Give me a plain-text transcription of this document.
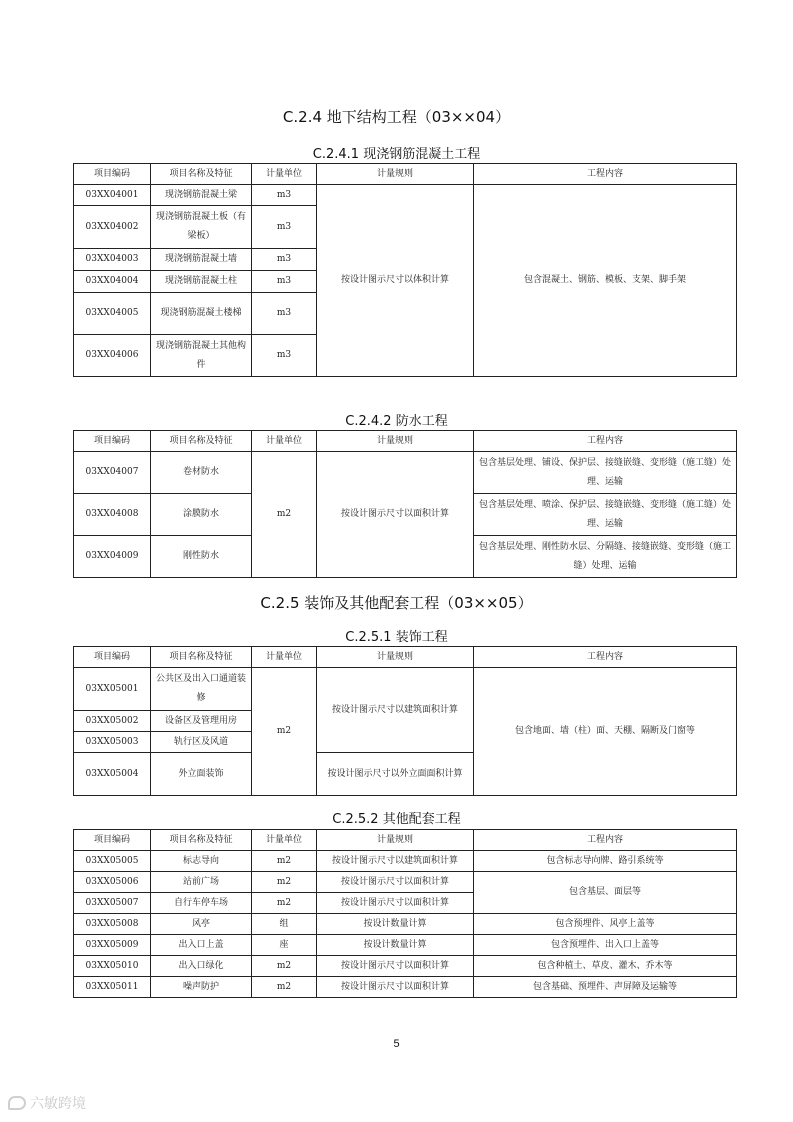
C.2.4 地下结构工程（03××04）
C.2.4.1 现浇钢筋混凝土工程
项目编码	项目名称及特征	计量单位	计量规则	工程内容
03XX04001	现浇钢筋混凝土梁	m3	按设计图示尺寸以体积计算	包含混凝土、钢筋、模板、支架、脚手架
03XX04002	现浇钢筋混凝土板（有梁板）	m3		
03XX04003	现浇钢筋混凝土墙	m3		
03XX04004	现浇钢筋混凝土柱	m3		
03XX04005	现浇钢筋混凝土楼梯	m3		
03XX04006	现浇钢筋混凝土其他构件	m3		
C.2.4.2 防水工程
项目编码	项目名称及特征	计量单位	计量规则	工程内容
03XX04007	卷材防水	m2	按设计图示尺寸以面积计算	包含基层处理、铺设、保护层、接缝嵌缝、变形缝（施工缝）处理、运输
03XX04008	涂膜防水			包含基层处理、喷涂、保护层、接缝嵌缝、变形缝（施工缝）处理、运输
03XX04009	刚性防水			包含基层处理、刚性防水层、分隔缝、接缝嵌缝、变形缝（施工缝）处理、运输
C.2.5 装饰及其他配套工程（03××05）
C.2.5.1 装饰工程
项目编码	项目名称及特征	计量单位	计量规则	工程内容
03XX05001	公共区及出入口通道装修	m2	按设计图示尺寸以建筑面积计算	包含地面、墙（柱）面、天棚、隔断及门窗等
03XX05002	设备区及管理用房			
03XX05003	轨行区及风道			
03XX05004	外立面装饰		按设计图示尺寸以外立面面积计算	
C.2.5.2 其他配套工程
项目编码	项目名称及特征	计量单位	计量规则	工程内容
03XX05005	标志导向	m2	按设计图示尺寸以建筑面积计算	包含标志导向牌、路引系统等
03XX05006	站前广场	m2	按设计图示尺寸以面积计算	包含基层、面层等
03XX05007	自行车停车场	m2	按设计图示尺寸以面积计算	
03XX05008	风亭	组	按设计数量计算	包含预埋件、风亭上盖等
03XX05009	出入口上盖	座	按设计数量计算	包含预埋件、出入口上盖等
03XX05010	出入口绿化	m2	按设计图示尺寸以面积计算	包含种植土、草皮、灌木、乔木等
03XX05011	噪声防护	m2	按设计图示尺寸以面积计算	包含基础、预埋件、声屏障及运输等
5
六敏跨境
